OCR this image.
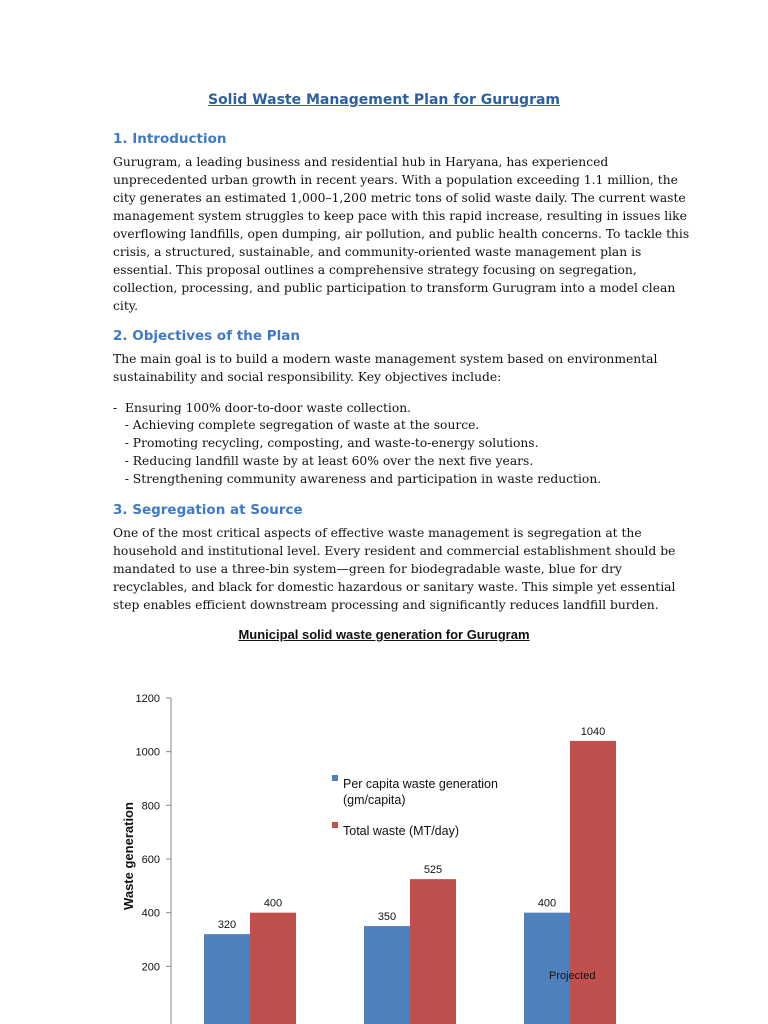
Solid Waste Management Plan for Gurugram
1. Introduction
Gurugram, a leading business and residential hub in Haryana, has experienced
unprecedented urban growth in recent years. With a population exceeding 1.1 million, the
city generates an estimated 1,000–1,200 metric tons of solid waste daily. The current waste
management system struggles to keep pace with this rapid increase, resulting in issues like
overflowing landfills, open dumping, air pollution, and public health concerns. To tackle this
crisis, a structured, sustainable, and community-oriented waste management plan is
essential. This proposal outlines a comprehensive strategy focusing on segregation,
collection, processing, and public participation to transform Gurugram into a model clean
city.
2. Objectives of the Plan
The main goal is to build a modern waste management system based on environmental
sustainability and social responsibility. Key objectives include:
-  Ensuring 100% door-to-door waste collection.
- Achieving complete segregation of waste at the source.
- Promoting recycling, composting, and waste-to-energy solutions.
- Reducing landfill waste by at least 60% over the next five years.
- Strengthening community awareness and participation in waste reduction.
3. Segregation at Source
One of the most critical aspects of effective waste management is segregation at the
household and institutional level. Every resident and commercial establishment should be
mandated to use a three-bin system—green for biodegradable waste, blue for dry
recyclables, and black for domestic hazardous or sanitary waste. This simple yet essential
step enables efficient downstream processing and significantly reduces landfill burden.
Municipal solid waste generation for Gurugram
200
400
600
800
1000
1200
Waste generation
320
350
400
400
525
1040
Per capita waste generation
(gm/capita)
Total waste (MT/day)
Projected
